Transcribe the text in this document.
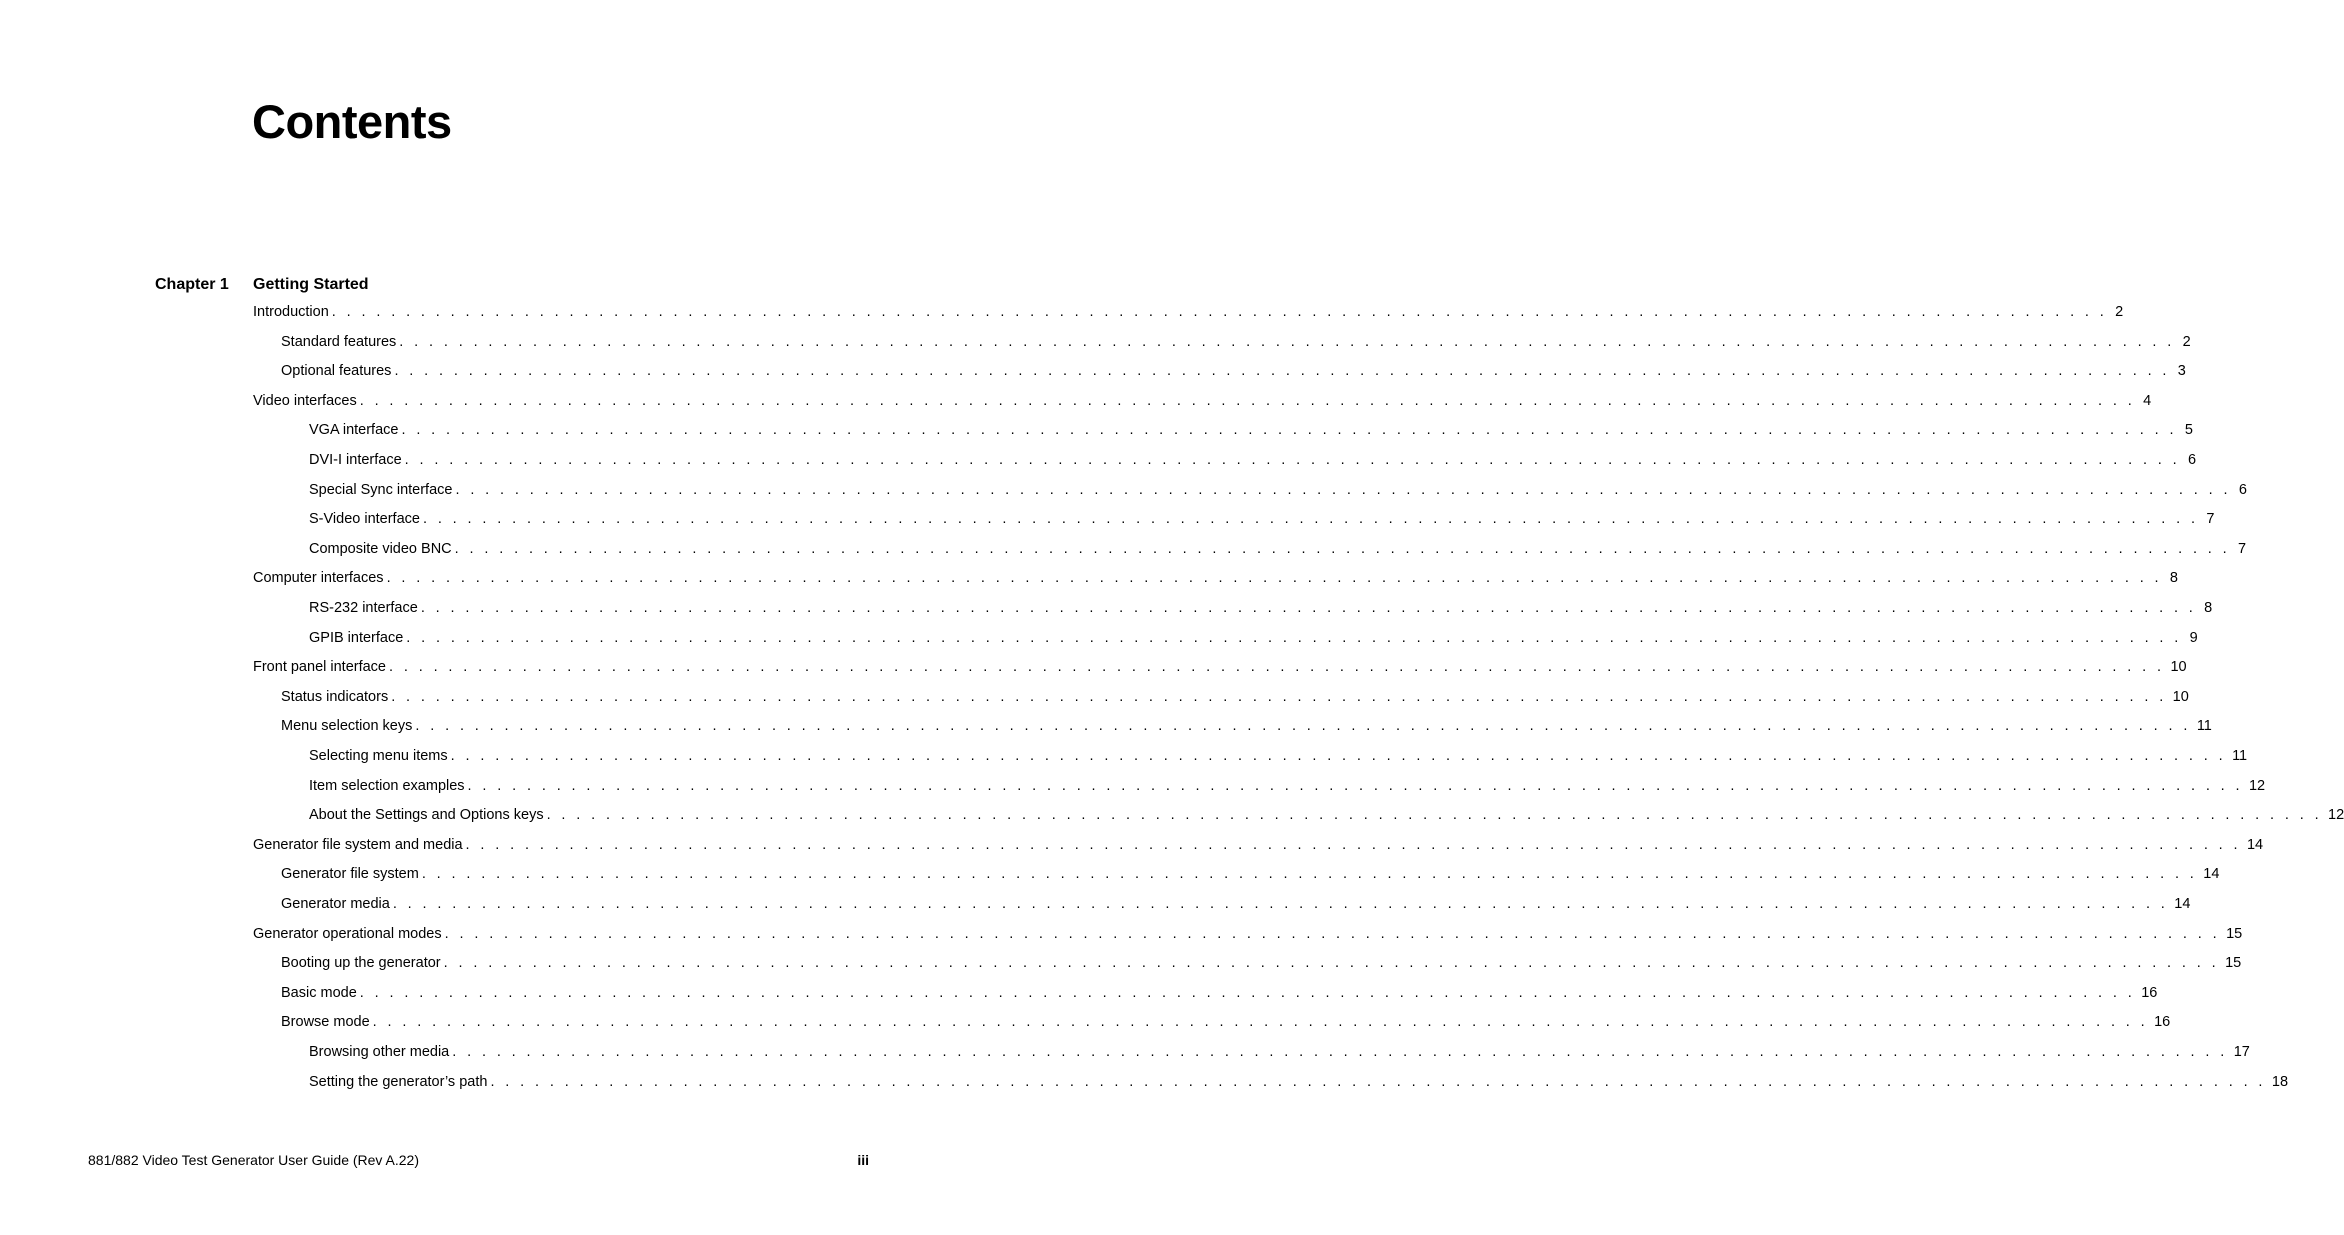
Contents
Chapter 1 Getting Started
Introduction . . . . . . . . . . . . . . . . . . . . . . . . . . . . . . . . . . . . . . . . . . . . . . . . . . . . . . . . . . . . . . . . . . . . . . . . . . . . . . . . . . . . . . . . . . . . . . . . . . . . . . . . . . . . . . . . . . . . . . . . 2
Standard features . . . . . . . . . . . . . . . . . . . . . . . . . . . . . . . . . . . . . . . . . . . . . . . . . . . . . . . . . . . . . . . . . . . . . . . . . . . . . . . . . . . . . . . . . . . . . . . . . . . . . . . . . . . . . . . . . . . . . . . . 2
Optional features . . . . . . . . . . . . . . . . . . . . . . . . . . . . . . . . . . . . . . . . . . . . . . . . . . . . . . . . . . . . . . . . . . . . . . . . . . . . . . . . . . . . . . . . . . . . . . . . . . . . . . . . . . . . . . . . . . . . . . . . 3
Video interfaces . . . . . . . . . . . . . . . . . . . . . . . . . . . . . . . . . . . . . . . . . . . . . . . . . . . . . . . . . . . . . . . . . . . . . . . . . . . . . . . . . . . . . . . . . . . . . . . . . . . . . . . . . . . . . . . . . . . . . . . . 4
VGA interface . . . . . . . . . . . . . . . . . . . . . . . . . . . . . . . . . . . . . . . . . . . . . . . . . . . . . . . . . . . . . . . . . . . . . . . . . . . . . . . . . . . . . . . . . . . . . . . . . . . . . . . . . . . . . . . . . . . . . . . . 5
DVI-I interface . . . . . . . . . . . . . . . . . . . . . . . . . . . . . . . . . . . . . . . . . . . . . . . . . . . . . . . . . . . . . . . . . . . . . . . . . . . . . . . . . . . . . . . . . . . . . . . . . . . . . . . . . . . . . . . . . . . . . . . . 6
Special Sync interface . . . . . . . . . . . . . . . . . . . . . . . . . . . . . . . . . . . . . . . . . . . . . . . . . . . . . . . . . . . . . . . . . . . . . . . . . . . . . . . . . . . . . . . . . . . . . . . . . . . . . . . . . . . . . . . . . . . . . . . . 6
S-Video interface . . . . . . . . . . . . . . . . . . . . . . . . . . . . . . . . . . . . . . . . . . . . . . . . . . . . . . . . . . . . . . . . . . . . . . . . . . . . . . . . . . . . . . . . . . . . . . . . . . . . . . . . . . . . . . . . . . . . . . . . 7
Composite video BNC . . . . . . . . . . . . . . . . . . . . . . . . . . . . . . . . . . . . . . . . . . . . . . . . . . . . . . . . . . . . . . . . . . . . . . . . . . . . . . . . . . . . . . . . . . . . . . . . . . . . . . . . . . . . . . . . . . . . . . . . 7
Computer interfaces . . . . . . . . . . . . . . . . . . . . . . . . . . . . . . . . . . . . . . . . . . . . . . . . . . . . . . . . . . . . . . . . . . . . . . . . . . . . . . . . . . . . . . . . . . . . . . . . . . . . . . . . . . . . . . . . . . . . . . . . 8
RS-232 interface . . . . . . . . . . . . . . . . . . . . . . . . . . . . . . . . . . . . . . . . . . . . . . . . . . . . . . . . . . . . . . . . . . . . . . . . . . . . . . . . . . . . . . . . . . . . . . . . . . . . . . . . . . . . . . . . . . . . . . . . 8
GPIB interface . . . . . . . . . . . . . . . . . . . . . . . . . . . . . . . . . . . . . . . . . . . . . . . . . . . . . . . . . . . . . . . . . . . . . . . . . . . . . . . . . . . . . . . . . . . . . . . . . . . . . . . . . . . . . . . . . . . . . . . . 9
Front panel interface . . . . . . . . . . . . . . . . . . . . . . . . . . . . . . . . . . . . . . . . . . . . . . . . . . . . . . . . . . . . . . . . . . . . . . . . . . . . . . . . . . . . . . . . . . . . . . . . . . . . . . . . . . . . . . . . . . . . . . . . 10
Status indicators . . . . . . . . . . . . . . . . . . . . . . . . . . . . . . . . . . . . . . . . . . . . . . . . . . . . . . . . . . . . . . . . . . . . . . . . . . . . . . . . . . . . . . . . . . . . . . . . . . . . . . . . . . . . . . . . . . . . . . . . 10
Menu selection keys . . . . . . . . . . . . . . . . . . . . . . . . . . . . . . . . . . . . . . . . . . . . . . . . . . . . . . . . . . . . . . . . . . . . . . . . . . . . . . . . . . . . . . . . . . . . . . . . . . . . . . . . . . . . . . . . . . . . . . . . 11
Selecting menu items . . . . . . . . . . . . . . . . . . . . . . . . . . . . . . . . . . . . . . . . . . . . . . . . . . . . . . . . . . . . . . . . . . . . . . . . . . . . . . . . . . . . . . . . . . . . . . . . . . . . . . . . . . . . . . . . . . . . . . . . 11
Item selection examples . . . . . . . . . . . . . . . . . . . . . . . . . . . . . . . . . . . . . . . . . . . . . . . . . . . . . . . . . . . . . . . . . . . . . . . . . . . . . . . . . . . . . . . . . . . . . . . . . . . . . . . . . . . . . . . . . . . . . . . . 12
About the Settings and Options keys . . . . . . . . . . . . . . . . . . . . . . . . . . . . . . . . . . . . . . . . . . . . . . . . . . . . . . . . . . . . . . . . . . . . . . . . . . . . . . . . . . . . . . . . . . . . . . . . . . . . . . . . . . . . . . . . . . . . . . . . 12
Generator file system and media . . . . . . . . . . . . . . . . . . . . . . . . . . . . . . . . . . . . . . . . . . . . . . . . . . . . . . . . . . . . . . . . . . . . . . . . . . . . . . . . . . . . . . . . . . . . . . . . . . . . . . . . . . . . . . . . . . . . . . . . 14
Generator file system . . . . . . . . . . . . . . . . . . . . . . . . . . . . . . . . . . . . . . . . . . . . . . . . . . . . . . . . . . . . . . . . . . . . . . . . . . . . . . . . . . . . . . . . . . . . . . . . . . . . . . . . . . . . . . . . . . . . . . . . 14
Generator media . . . . . . . . . . . . . . . . . . . . . . . . . . . . . . . . . . . . . . . . . . . . . . . . . . . . . . . . . . . . . . . . . . . . . . . . . . . . . . . . . . . . . . . . . . . . . . . . . . . . . . . . . . . . . . . . . . . . . . . . 14
Generator operational modes . . . . . . . . . . . . . . . . . . . . . . . . . . . . . . . . . . . . . . . . . . . . . . . . . . . . . . . . . . . . . . . . . . . . . . . . . . . . . . . . . . . . . . . . . . . . . . . . . . . . . . . . . . . . . . . . . . . . . . . . 15
Booting up the generator . . . . . . . . . . . . . . . . . . . . . . . . . . . . . . . . . . . . . . . . . . . . . . . . . . . . . . . . . . . . . . . . . . . . . . . . . . . . . . . . . . . . . . . . . . . . . . . . . . . . . . . . . . . . . . . . . . . . . . . . 15
Basic mode . . . . . . . . . . . . . . . . . . . . . . . . . . . . . . . . . . . . . . . . . . . . . . . . . . . . . . . . . . . . . . . . . . . . . . . . . . . . . . . . . . . . . . . . . . . . . . . . . . . . . . . . . . . . . . . . . . . . . . . . 16
Browse mode . . . . . . . . . . . . . . . . . . . . . . . . . . . . . . . . . . . . . . . . . . . . . . . . . . . . . . . . . . . . . . . . . . . . . . . . . . . . . . . . . . . . . . . . . . . . . . . . . . . . . . . . . . . . . . . . . . . . . . . . 16
Browsing other media . . . . . . . . . . . . . . . . . . . . . . . . . . . . . . . . . . . . . . . . . . . . . . . . . . . . . . . . . . . . . . . . . . . . . . . . . . . . . . . . . . . . . . . . . . . . . . . . . . . . . . . . . . . . . . . . . . . . . . . . 17
Setting the generator’s path . . . . . . . . . . . . . . . . . . . . . . . . . . . . . . . . . . . . . . . . . . . . . . . . . . . . . . . . . . . . . . . . . . . . . . . . . . . . . . . . . . . . . . . . . . . . . . . . . . . . . . . . . . . . . . . . . . . . . . . . 18
881/882 Video Test Generator User Guide (Rev A.22)	iii
